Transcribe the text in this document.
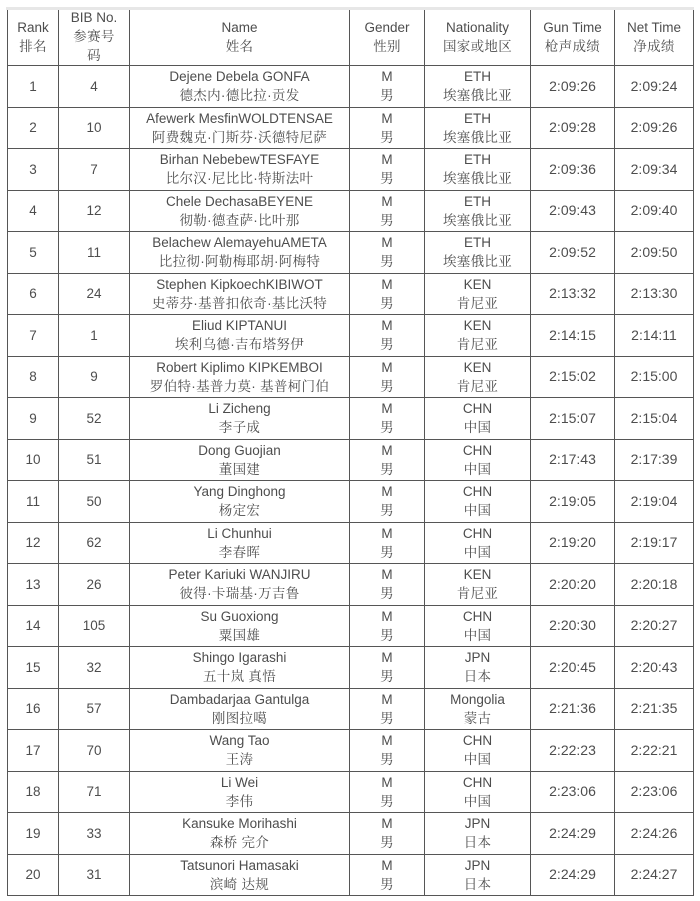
Rank
排名	BIB No.
参赛号码	Name
姓名	Gender
性别	Nationality
国家或地区	Gun Time
枪声成绩	Net Time
净成绩

1	4	Dejene Debela GONFA
德杰内·德比拉·贡发	M
男	ETH
埃塞俄比亚	2:09:26	2:09:24

2	10	Afewerk MesfinWOLDTENSAE
阿费魏克·门斯芬·沃德特尼萨	M
男	ETH
埃塞俄比亚	2:09:28	2:09:26

3	7	Birhan NebebewTESFAYE
比尔汉·尼比比·特斯法叶	M
男	ETH
埃塞俄比亚	2:09:36	2:09:34

4	12	Chele DechasaBEYENE
彻勒·德查萨·比叶那	M
男	ETH
埃塞俄比亚	2:09:43	2:09:40

5	11	Belachew AlemayehuAMETA
比拉彻·阿勒梅耶胡·阿梅特	M
男	ETH
埃塞俄比亚	2:09:52	2:09:50

6	24	Stephen KipkoechKIBIWOT
史蒂芬·基普扣依奇·基比沃特	M
男	KEN
肯尼亚	2:13:32	2:13:30

7	1	Eliud KIPTANUI
埃利乌德·吉布塔努伊	M
男	KEN
肯尼亚	2:14:15	2:14:11

8	9	Robert Kiplimo KIPKEMBOI
罗伯特·基普力莫· 基普柯门伯	M
男	KEN
肯尼亚	2:15:02	2:15:00

9	52	Li Zicheng
李子成	M
男	CHN
中国	2:15:07	2:15:04

10	51	Dong Guojian
董国建	M
男	CHN
中国	2:17:43	2:17:39

11	50	Yang Dinghong
杨定宏	M
男	CHN
中国	2:19:05	2:19:04

12	62	Li Chunhui
李春晖	M
男	CHN
中国	2:19:20	2:19:17

13	26	Peter Kariuki WANJIRU
彼得·卡瑞基·万吉鲁	M
男	KEN
肯尼亚	2:20:20	2:20:18

14	105	Su Guoxiong
粟国雄	M
男	CHN
中国	2:20:30	2:20:27

15	32	Shingo Igarashi
五十岚 真悟	M
男	JPN
日本	2:20:45	2:20:43

16	57	Dambadarjaa Gantulga
刚图拉噶	M
男	Mongolia
蒙古	2:21:36	2:21:35

17	70	Wang Tao
王涛	M
男	CHN
中国	2:22:23	2:22:21

18	71	Li Wei
李伟	M
男	CHN
中国	2:23:06	2:23:06

19	33	Kansuke Morihashi
森桥 完介	M
男	JPN
日本	2:24:29	2:24:26

20	31	Tatsunori Hamasaki
滨崎 达规	M
男	JPN
日本	2:24:29	2:24:27
